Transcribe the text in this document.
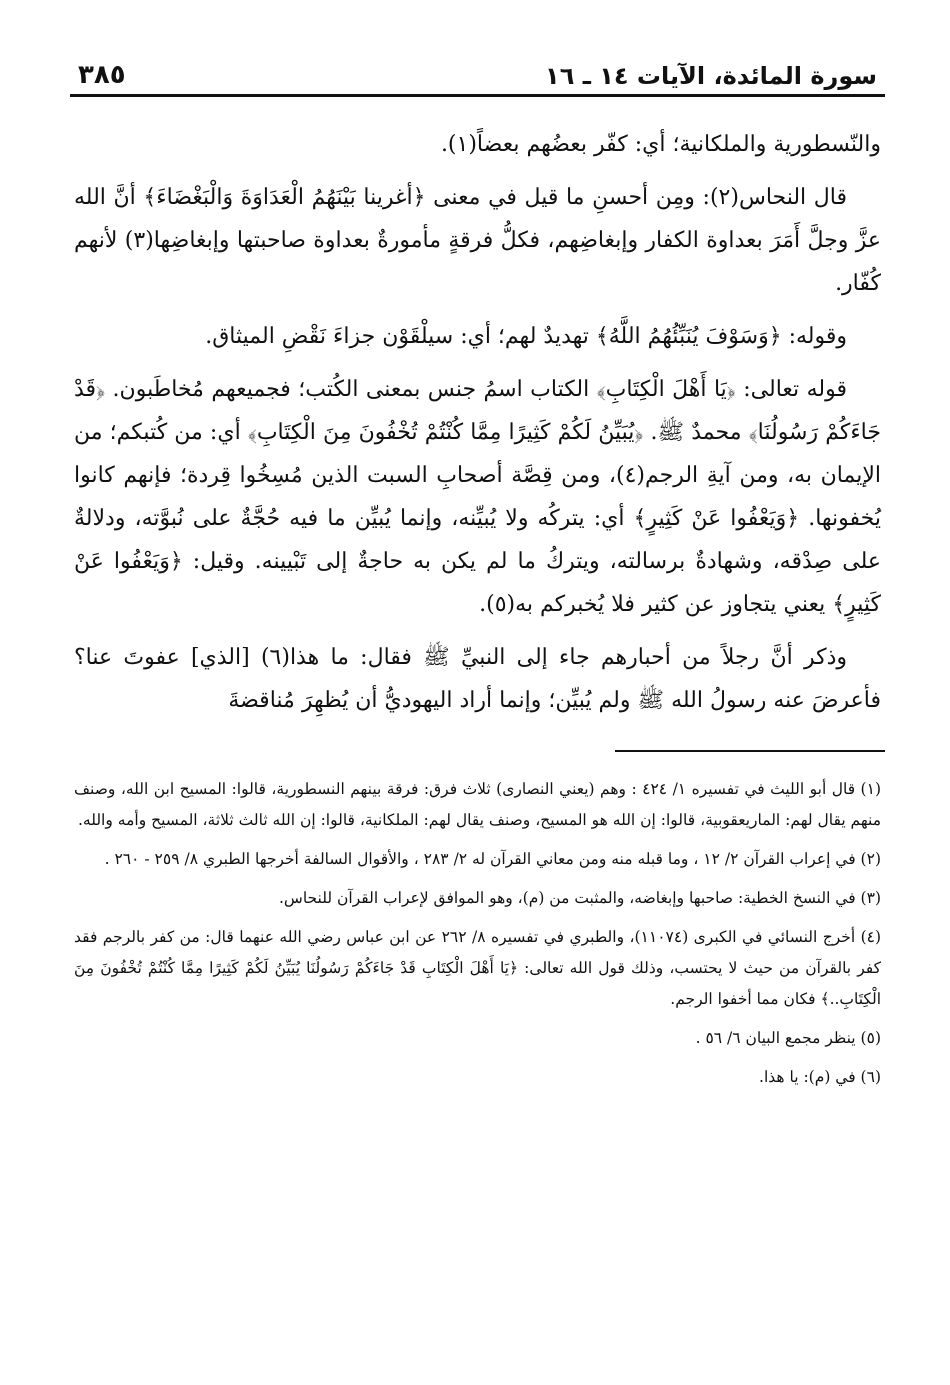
سورة المائدة، الآيات ١٤ ـ ١٦
٣٨٥

والنّسطورية والملكانية؛ أي: كفّر بعضُهم بعضاً(١).

قال النحاس(٢): ومِن أحسنِ ما قيل في معنى ﴿أغرينا بَيْنَهُمُ الْعَدَاوَةَ وَالْبَغْضَاءَ﴾ أنَّ الله عزَّ وجلَّ أَمَرَ بعداوة الكفار وإبغاضِهم، فكلُّ فرقةٍ مأمورةٌ بعداوة صاحبتها وإبغاضِها(٣) لأنهم كُفّار.

وقوله: ﴿وَسَوْفَ يُنَبِّئُهُمُ اللَّهُ﴾ تهديدٌ لهم؛ أي: سيلْقَوْن جزاءَ نَقْضِ الميثاق.

قوله تعالى: ﴿يَا أَهْلَ الْكِتَابِ﴾ الكتاب اسمُ جنس بمعنى الكُتب؛ فجميعهم مُخاطَبون. ﴿قَدْ جَاءَكُمْ رَسُولُنَا﴾ محمدٌ ﷺ. ﴿يُبَيِّنُ لَكُمْ كَثِيرًا مِمَّا كُنْتُمْ تُخْفُونَ مِنَ الْكِتَابِ﴾ أي: من كُتبكم؛ من الإيمان به، ومن آيةِ الرجم(٤)، ومن قِصَّة أصحابِ السبت الذين مُسِخُوا قِردة؛ فإنهم كانوا يُخفونها. ﴿وَيَعْفُوا عَنْ كَثِيرٍ﴾ أي: يتركُه ولا يُبيِّنه، وإنما يُبيِّن ما فيه حُجَّةٌ على نُبوَّته، ودلالةٌ على صِدْقه، وشهادةٌ برسالته، ويتركُ ما لم يكن به حاجةٌ إلى تَبْيينه. وقيل: ﴿وَيَعْفُوا عَنْ كَثِيرٍ﴾ يعني يتجاوز عن كثير فلا يُخبركم به(٥).

وذكر أنَّ رجلاً من أحبارهم جاء إلى النبيِّ ﷺ فقال: ما هذا(٦) [الذي] عفوتَ عنا؟ فأعرضَ عنه رسولُ الله ﷺ ولم يُبيِّن؛ وإنما أراد اليهوديُّ أن يُظهِرَ مُناقضةَ

(١) قال أبو الليث في تفسيره ١/ ٤٢٤ : وهم (يعني النصارى) ثلاث فرق: فرقة بينهم النسطورية، قالوا: المسيح ابن الله، وصنف منهم يقال لهم: الماريعقوبية، قالوا: إن الله هو المسيح، وصنف يقال لهم: الملكانية، قالوا: إن الله ثالث ثلاثة، المسيح وأمه والله.

(٢) في إعراب القرآن ٢/ ١٢ ، وما قبله منه ومن معاني القرآن له ٢/ ٢٨٣ ، والأقوال السالفة أخرجها الطبري ٨/ ٢٥٩ - ٢٦٠ .

(٣) في النسخ الخطية: صاحبها وإبغاضه، والمثبت من (م)، وهو الموافق لإعراب القرآن للنحاس.

(٤) أخرج النسائي في الكبرى (١١٠٧٤)، والطبري في تفسيره ٨/ ٢٦٢ عن ابن عباس رضي الله عنهما قال: من كفر بالرجم فقد كفر بالقرآن من حيث لا يحتسب، وذلك قول الله تعالى: ﴿يَا أَهْلَ الْكِتَابِ قَدْ جَاءَكُمْ رَسُولُنَا يُبَيِّنُ لَكُمْ كَثِيرًا مِمَّا كُنْتُمْ تُخْفُونَ مِنَ الْكِتَابِ..﴾ فكان مما أخفوا الرجم.

(٥) ينظر مجمع البيان ٦/ ٥٦ .

(٦) في (م): يا هذا.
